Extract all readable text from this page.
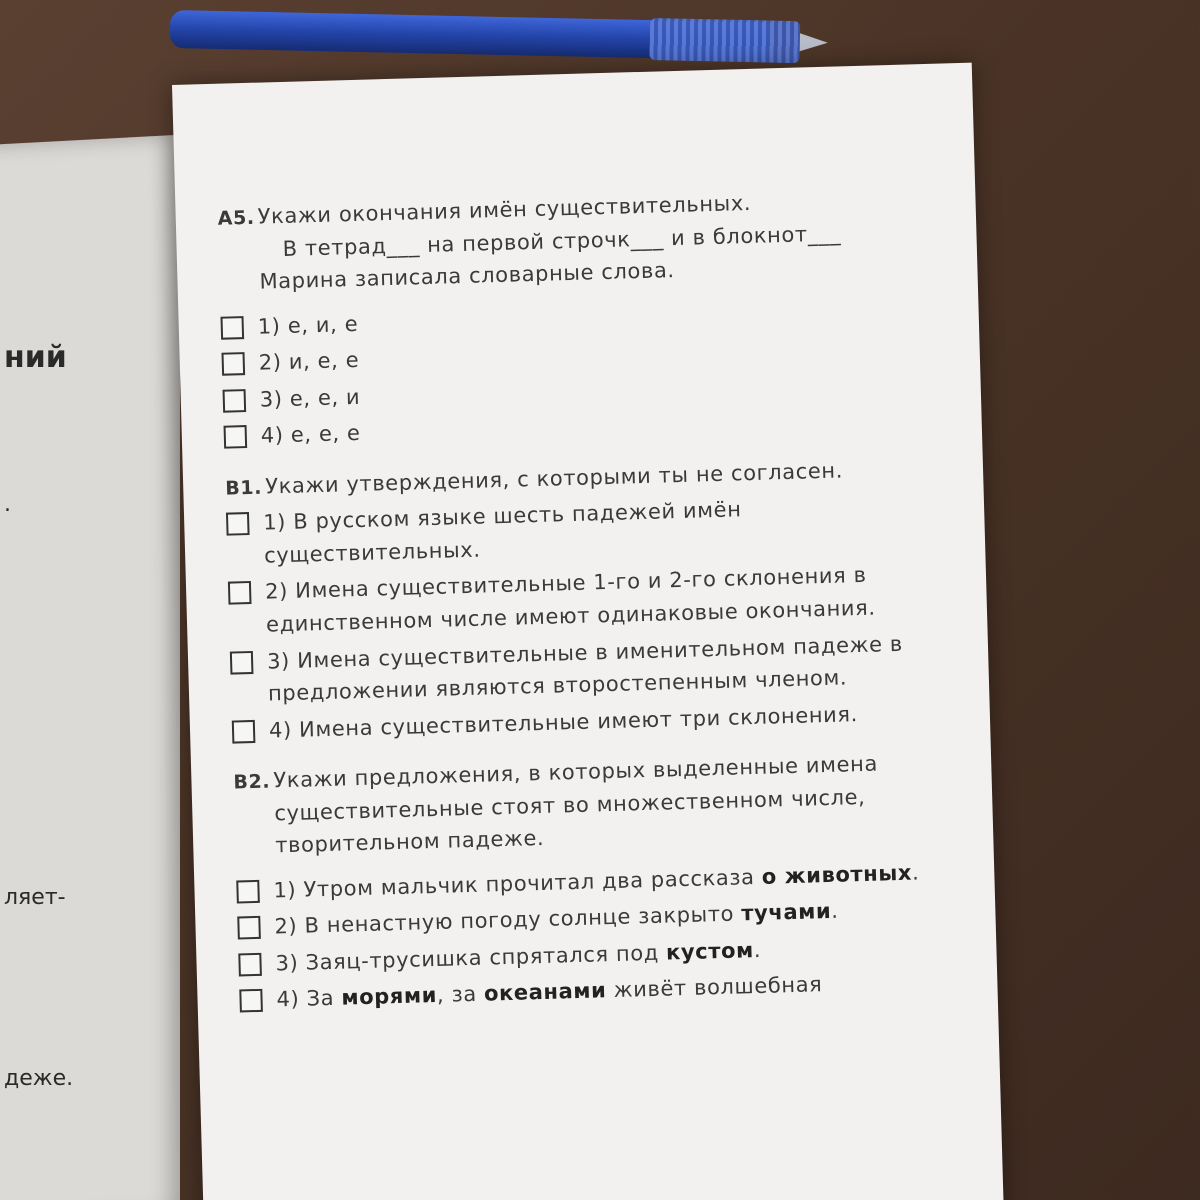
ний
.
ляет-
деже.
А5. Укажи окончания имён существительных.
В тетрад___ на первой строчк___ и в блокнот___
Марина записала словарные слова.
1) е, и, е
2) и, е, е
3) е, е, и
4) е, е, е
В1. Укажи утверждения, с которыми ты не согласен.
1) В русском языке шесть падежей имён существительных.
2) Имена существительные 1-го и 2-го склонения в единственном числе имеют одинаковые окончания.
3) Имена существительные в именительном падеже в предложении являются второстепенным членом.
4) Имена существительные имеют три склонения.
В2. Укажи предложения, в которых выделенные имена существительные стоят во множественном числе, творительном падеже.
1) Утром мальчик прочитал два рассказа о животных.
2) В ненастную погоду солнце закрыто тучами.
3) Заяц-трусишка спрятался под кустом.
4) За морями, за океанами живёт волшебная
